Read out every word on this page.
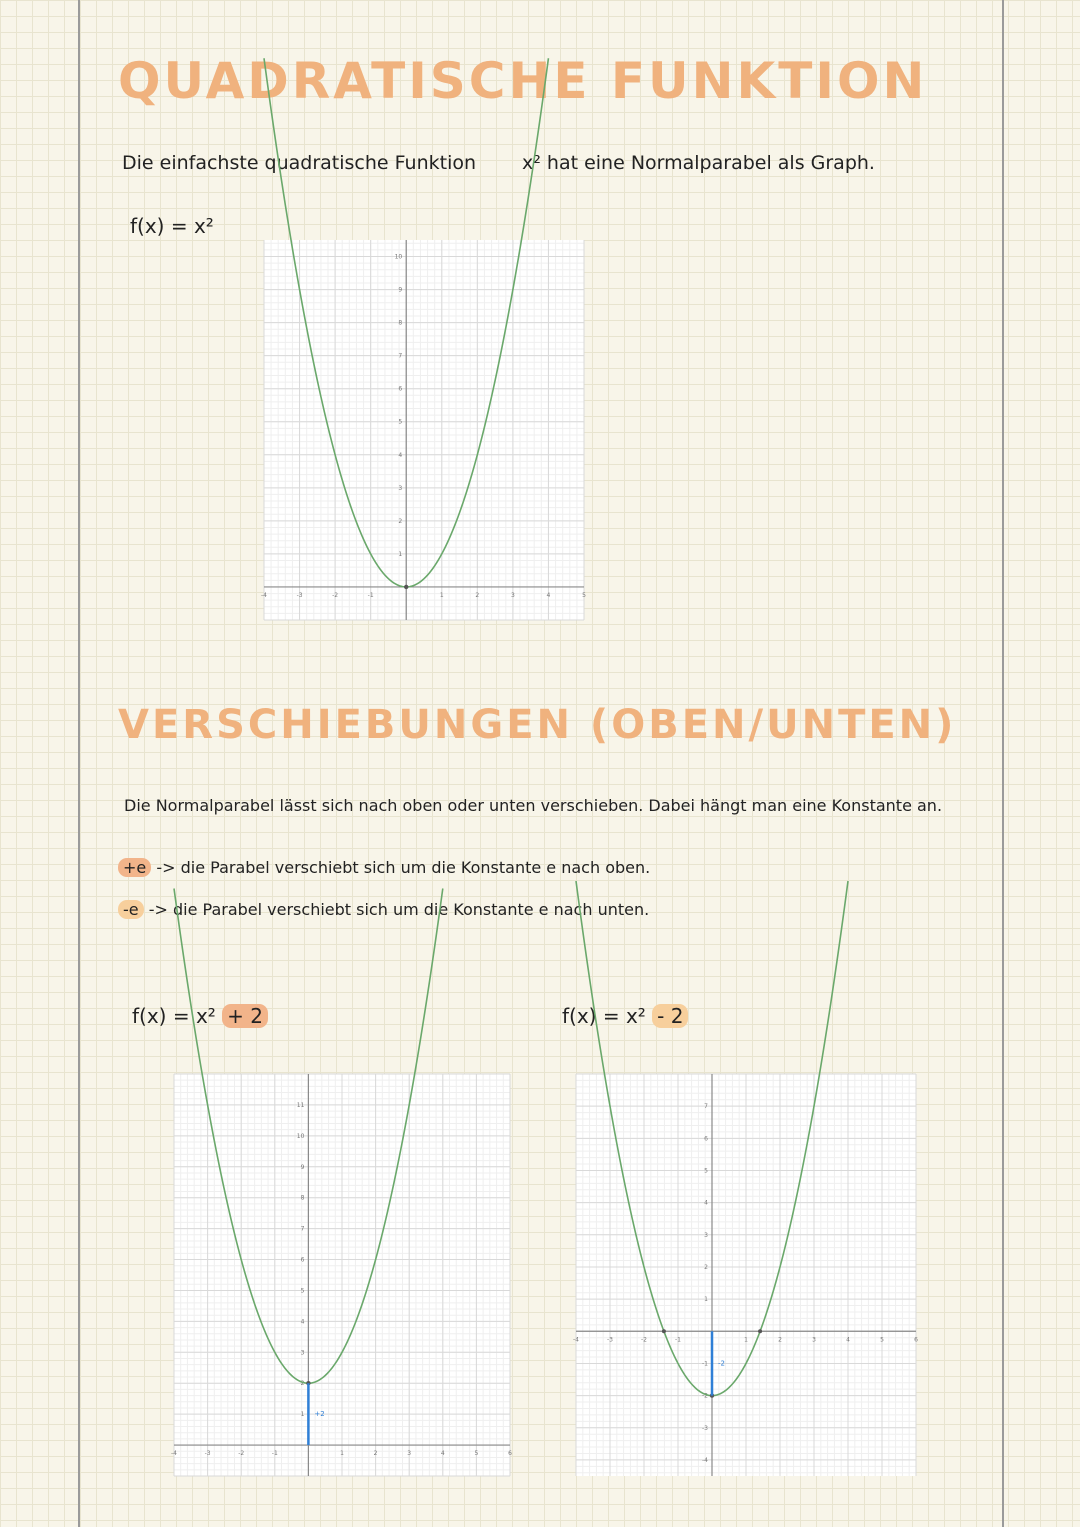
QUADRATISCHE FUNKTION

Die einfachste quadratische Funktion x² hat eine Normalparabel als Graph.

f(x) = x²

-4	-3	-2	-1	1	2	3	4	5
1
2
3
4
5
6
7
8
9
10
VERSCHIEBUNGEN (OBEN/UNTEN)

Die Normalparabel lässt sich nach oben oder unten verschieben. Dabei hängt man eine Konstante an.

+e -> die Parabel verschiebt sich um die Konstante e nach oben.

-e -> die Parabel verschiebt sich um die Konstante e nach unten.

f(x) = x² + 2	f(x) = x² - 2

-4	-3	-2	-1	1	2	3	4	5	6
1
2
3
4
5
6
7
8
9
10
11
+2
-4	-3	-2	-1	1	2	3	4	5	6
-4
-3
-2
-1
1
2
3
4
5
6
7
-2
